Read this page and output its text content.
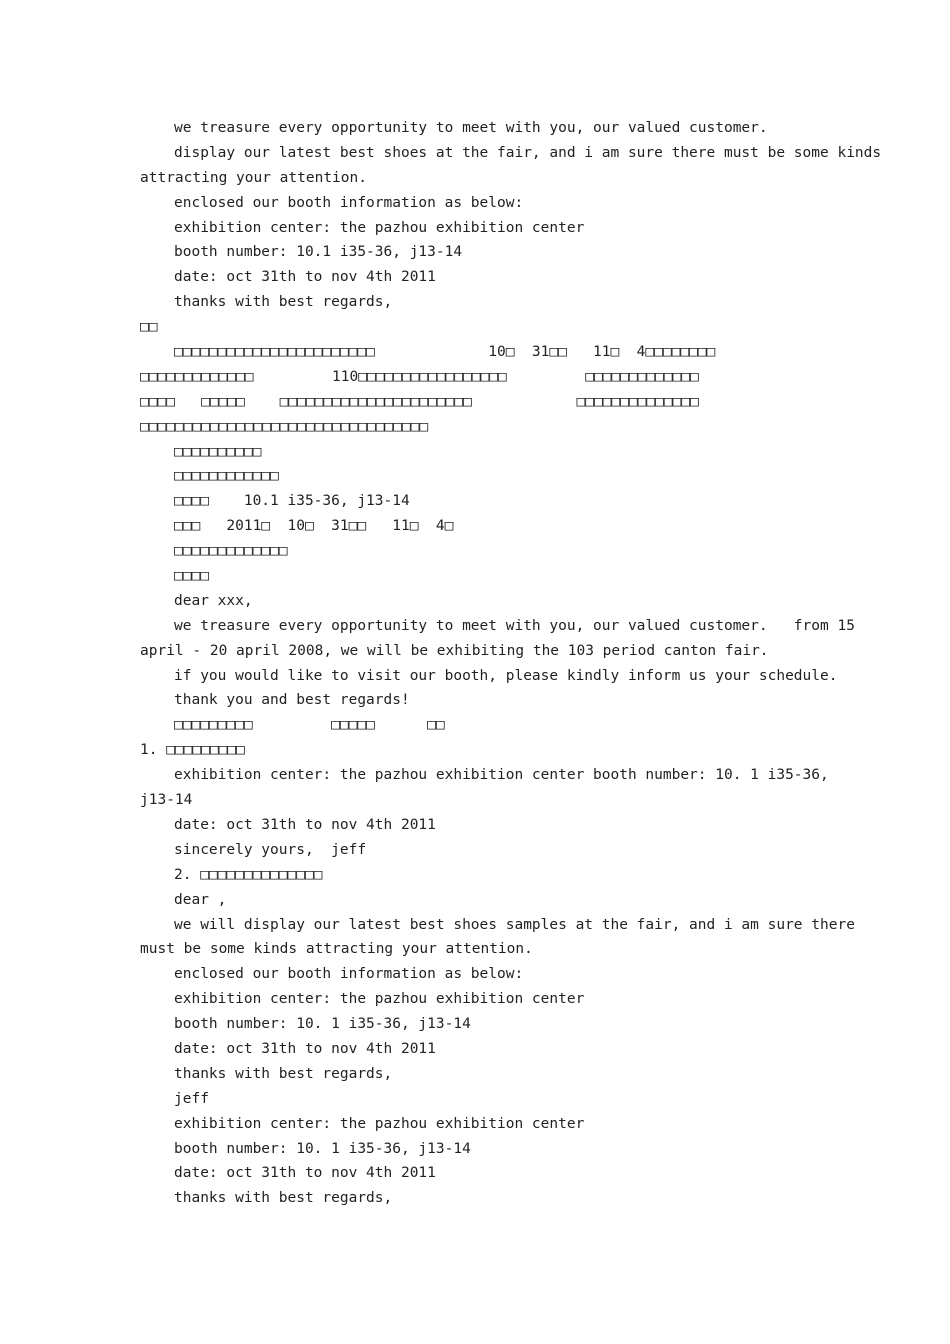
we treasure every opportunity to meet with you, our valued customer.
display our latest best shoes at the fair, and i am sure there must be some kinds
attracting your attention.
enclosed our booth information as below:
exhibition center: the pazhou exhibition center
booth number: 10.1 i35-36, j13-14
date: oct 31th to nov 4th 2011
thanks with best regards,
□□
□□□□□□□□□□□□□□□□□□□□□□□             10□  31□□   11□  4□□□□□□□□
□□□□□□□□□□□□□         110□□□□□□□□□□□□□□□□□         □□□□□□□□□□□□□
□□□□   □□□□□    □□□□□□□□□□□□□□□□□□□□□□            □□□□□□□□□□□□□□
□□□□□□□□□□□□□□□□□□□□□□□□□□□□□□□□□
□□□□□□□□□□
□□□□□□□□□□□□
□□□□    10.1 i35-36, j13-14
□□□   2011□  10□  31□□   11□  4□
□□□□□□□□□□□□□
□□□□
dear xxx,
we treasure every opportunity to meet with you, our valued customer.   from 15
april - 20 april 2008, we will be exhibiting the 103 period canton fair.
if you would like to visit our booth, please kindly inform us your schedule.
thank you and best regards!
□□□□□□□□□         □□□□□      □□
1. □□□□□□□□□
exhibition center: the pazhou exhibition center booth number: 10. 1 i35-36,
j13-14
date: oct 31th to nov 4th 2011
sincerely yours,  jeff
2. □□□□□□□□□□□□□□
dear ,
we will display our latest best shoes samples at the fair, and i am sure there
must be some kinds attracting your attention.
enclosed our booth information as below:
exhibition center: the pazhou exhibition center
booth number: 10. 1 i35-36, j13-14
date: oct 31th to nov 4th 2011
thanks with best regards,
jeff
exhibition center: the pazhou exhibition center
booth number: 10. 1 i35-36, j13-14
date: oct 31th to nov 4th 2011
thanks with best regards,
